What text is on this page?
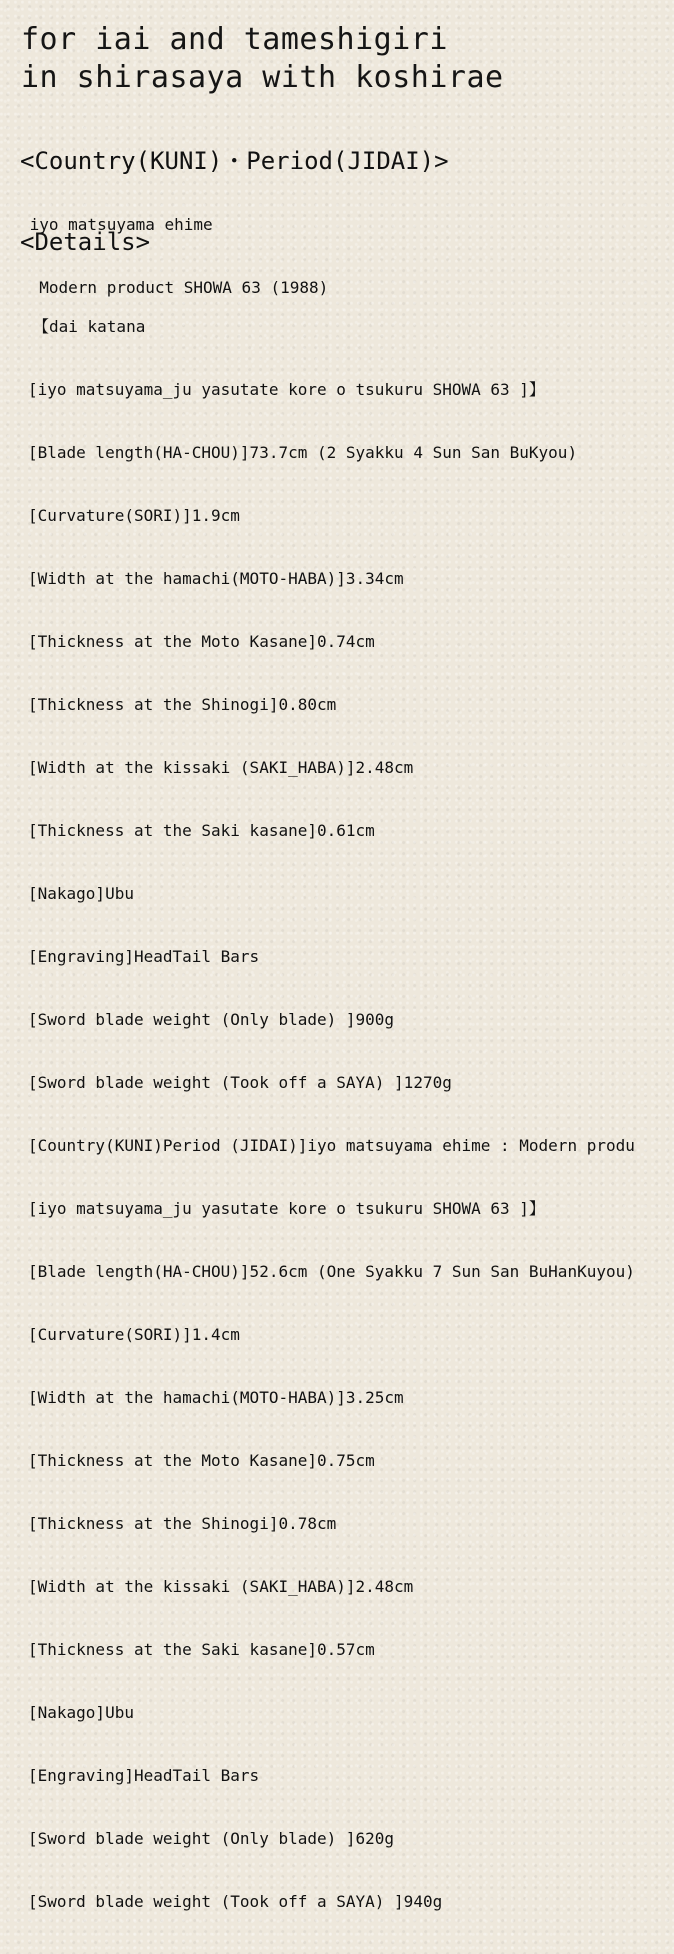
for iai and tameshigiri
in shirasaya with koshirae

<Country(KUNI)・Period(JIDAI)>

iyo matsuyama ehime

Modern product SHOWA 63 (1988)

<Details>

【dai katana

[iyo matsuyama_ju yasutate kore o tsukuru SHOWA 63 ]】

[Blade length(HA-CHOU)]73.7cm (2 Syakku 4 Sun San BuKyou)

[Curvature(SORI)]1.9cm

[Width at the hamachi(MOTO-HABA)]3.34cm

[Thickness at the Moto Kasane]0.74cm

[Thickness at the Shinogi]0.80cm

[Width at the kissaki (SAKI_HABA)]2.48cm

[Thickness at the Saki kasane]0.61cm

[Nakago]Ubu

[Engraving]HeadTail Bars

[Sword blade weight (Only blade) ]900g

[Sword blade weight (Took off a SAYA) ]1270g

[Country(KUNI)Period (JIDAI)]iyo matsuyama ehime : Modern produ

[iyo matsuyama_ju yasutate kore o tsukuru SHOWA 63 ]】

[Blade length(HA-CHOU)]52.6cm (One Syakku 7 Sun San BuHanKuyou)

[Curvature(SORI)]1.4cm

[Width at the hamachi(MOTO-HABA)]3.25cm

[Thickness at the Moto Kasane]0.75cm

[Thickness at the Shinogi]0.78cm

[Width at the kissaki (SAKI_HABA)]2.48cm

[Thickness at the Saki kasane]0.57cm

[Nakago]Ubu

[Engraving]HeadTail Bars

[Sword blade weight (Only blade) ]620g

[Sword blade weight (Took off a SAYA) ]940g
